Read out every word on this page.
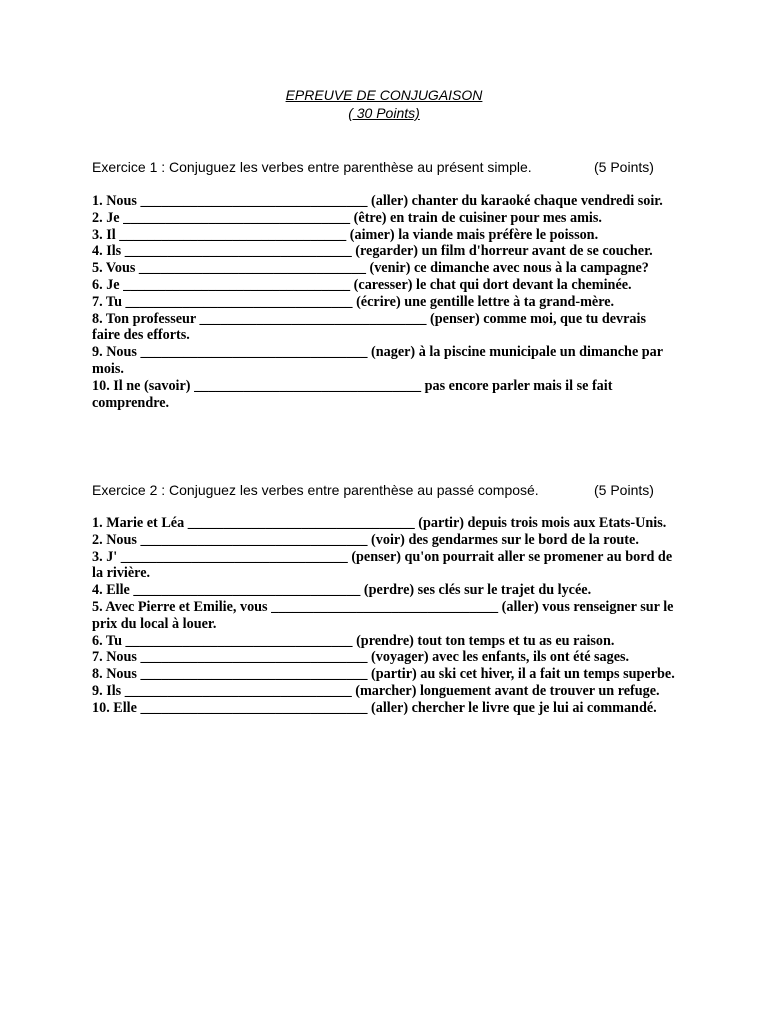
EPREUVE DE CONJUGAISON
( 30 Points)
Exercice 1 : Conjuguez les verbes entre parenthèse au présent simple.	(5 Points)

1. Nous ________________________________ (aller) chanter du karaoké chaque vendredi soir.

2. Je ________________________________ (être) en train de cuisiner pour mes amis.

3. Il ________________________________ (aimer) la viande mais préfère le poisson.

4. Ils ________________________________ (regarder) un film d'horreur avant de se coucher.

5. Vous ________________________________ (venir) ce dimanche avec nous à la campagne?

6. Je ________________________________ (caresser) le chat qui dort devant la cheminée.

7. Tu ________________________________ (écrire) une gentille lettre à ta grand-mère.

8. Ton professeur ________________________________ (penser) comme moi, que tu devrais faire des efforts.

9. Nous ________________________________ (nager) à la piscine municipale un dimanche par mois.

10. Il ne (savoir) ________________________________ pas encore parler mais il se fait comprendre.

Exercice 2 : Conjuguez les verbes entre parenthèse au passé composé.	(5 Points)

1. Marie et Léa ________________________________ (partir) depuis trois mois aux Etats-Unis.

2. Nous ________________________________ (voir) des gendarmes sur le bord de la route.

3. J' ________________________________ (penser) qu'on pourrait aller se promener au bord de la rivière.

4. Elle ________________________________ (perdre) ses clés sur le trajet du lycée.

5. Avec Pierre et Emilie, vous ________________________________ (aller) vous renseigner sur le prix du local à louer.

6. Tu ________________________________ (prendre) tout ton temps et tu as eu raison.

7. Nous ________________________________ (voyager) avec les enfants, ils ont été sages.

8. Nous ________________________________ (partir) au ski cet hiver, il a fait un temps superbe.

9. Ils ________________________________ (marcher) longuement avant de trouver un refuge.

10. Elle ________________________________ (aller) chercher le livre que je lui ai commandé.
